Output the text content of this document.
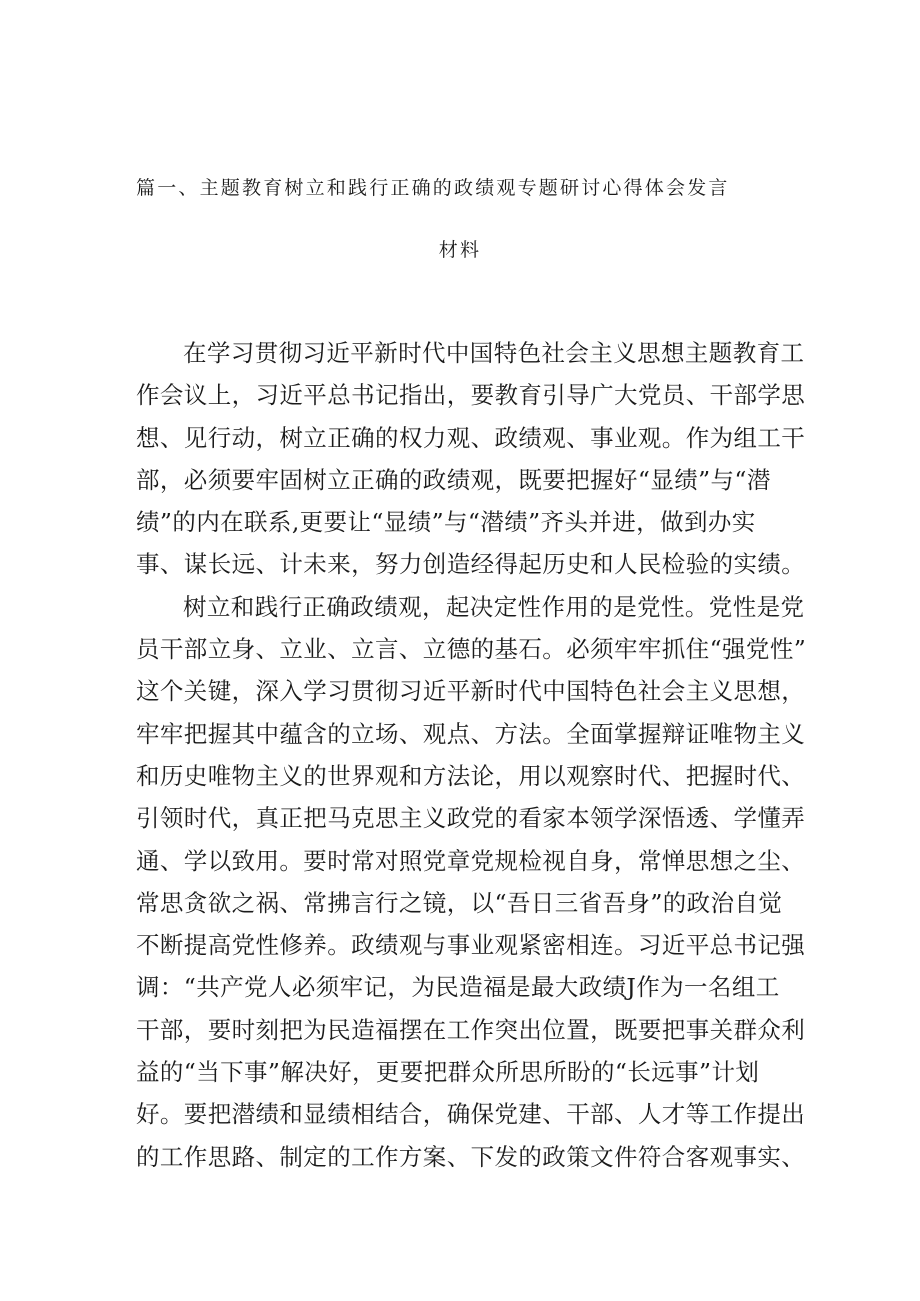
篇一、主题教育树立和践行正确的政绩观专题研讨心得体会发言
材料
在学习贯彻习近平新时代中国特色社会主义思想主题教育工
作会议上，习近平总书记指出，要教育引导广大党员、干部学思
想、见行动，树立正确的权力观、政绩观、事业观。作为组工干
部，必须要牢固树立正确的政绩观，既要把握好“显绩”与“潜
绩”的内在联系,更要让“显绩”与“潜绩”齐头并进，做到办实
事、谋长远、计未来，努力创造经得起历史和人民检验的实绩。
树立和践行正确政绩观，起决定性作用的是党性。党性是党
员干部立身、立业、立言、立德的基石。必须牢牢抓住“强党性”
这个关键，深入学习贯彻习近平新时代中国特色社会主义思想，
牢牢把握其中蕴含的立场、观点、方法。全面掌握辩证唯物主义
和历史唯物主义的世界观和方法论，用以观察时代、把握时代、
引领时代，真正把马克思主义政党的看家本领学深悟透、学懂弄
通、学以致用。要时常对照党章党规检视自身，常惮思想之尘、
常思贪欲之祸、常拂言行之镜，以“吾日三省吾身”的政治自觉
不断提高党性修养。政绩观与事业观紧密相连。习近平总书记强
调：“共产党人必须牢记，为民造福是最大政绩J作为一名组工
干部，要时刻把为民造福摆在工作突出位置，既要把事关群众利
益的“当下事”解决好，更要把群众所思所盼的“长远事”计划
好。要把潜绩和显绩相结合，确保党建、干部、人才等工作提出
的工作思路、制定的工作方案、下发的政策文件符合客观事实、
